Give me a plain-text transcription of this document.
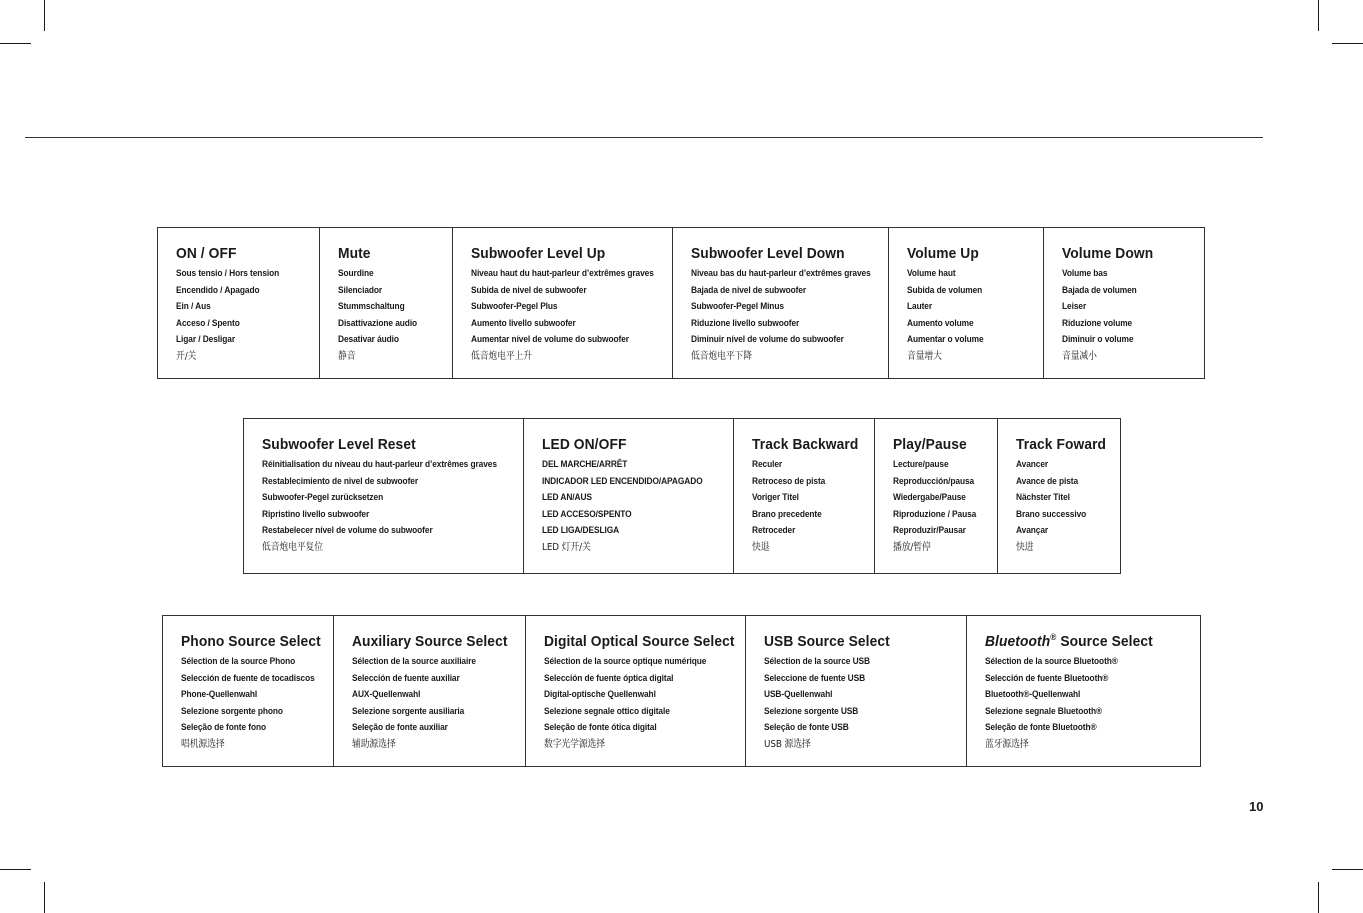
ON / OFF
Sous tensio / Hors tension
Encendido / Apagado
Ein / Aus
Acceso / Spento
Ligar / Desligar
开/关
Mute
Sourdine
Silenciador
Stummschaltung
Disattivazione audio
Desativar áudio
静音
Subwoofer Level Up
Niveau haut du haut-parleur d’extrêmes graves
Subida de nivel de subwoofer
Subwoofer-Pegel Plus
Aumento livello subwoofer
Aumentar nível de volume do subwoofer
低音炮电平上升
Subwoofer Level Down
Niveau bas du haut-parleur d’extrêmes graves
Bajada de nivel de subwoofer
Subwoofer-Pegel Minus
Riduzione livello subwoofer
Diminuir nível de volume do subwoofer
低音炮电平下降
Volume Up
Volume haut
Subida de volumen
Lauter
Aumento volume
Aumentar o volume
音量增大
Volume Down
Volume bas
Bajada de volumen
Leiser
Riduzione volume
Diminuir o volume
音量减小
Subwoofer Level Reset
Réinitialisation du niveau du haut-parleur d’extrêmes graves
Restablecimiento de nivel de subwoofer
Subwoofer-Pegel zurücksetzen
Ripristino livello subwoofer
Restabelecer nível de volume do subwoofer
低音炮电平复位
LED ON/OFF
DEL MARCHE/ARRÊT
INDICADOR LED ENCENDIDO/APAGADO
LED AN/AUS
LED ACCESO/SPENTO
LED LIGA/DESLIGA
LED 灯开/关
Track Backward
Reculer
Retroceso de pista
Voriger Titel
Brano precedente
Retroceder
快退
Play/Pause
Lecture/pause
Reproducción/pausa
Wiedergabe/Pause
Riproduzione / Pausa
Reproduzir/Pausar
播放/暂停
Track Foward
Avancer
Avance de pista
Nächster Titel
Brano successivo
Avançar
快进
Phono Source Select
Sélection de la source Phono
Selección de fuente de tocadiscos
Phone-Quellenwahl
Selezione sorgente phono
Seleção de fonte fono
唱机源选择
Auxiliary Source Select
Sélection de la source auxiliaire
Selección de fuente auxiliar
AUX-Quellenwahl
Selezione sorgente ausiliaria
Seleção de fonte auxiliar
辅助源选择
Digital Optical Source Select
Sélection de la source optique numérique
Selección de fuente óptica digital
Digital-optische Quellenwahl
Selezione segnale ottico digitale
Seleção de fonte ótica digital
数字光学源选择
USB Source Select
Sélection de la source USB
Seleccione de fuente USB
USB-Quellenwahl
Selezione sorgente USB
Seleção de fonte USB
USB 源选择
Bluetooth® Source Select
Sélection de la source Bluetooth®
Selección de fuente Bluetooth®
Bluetooth®-Quellenwahl
Selezione segnale Bluetooth®
Seleção de fonte Bluetooth®
蓝牙源选择
10
